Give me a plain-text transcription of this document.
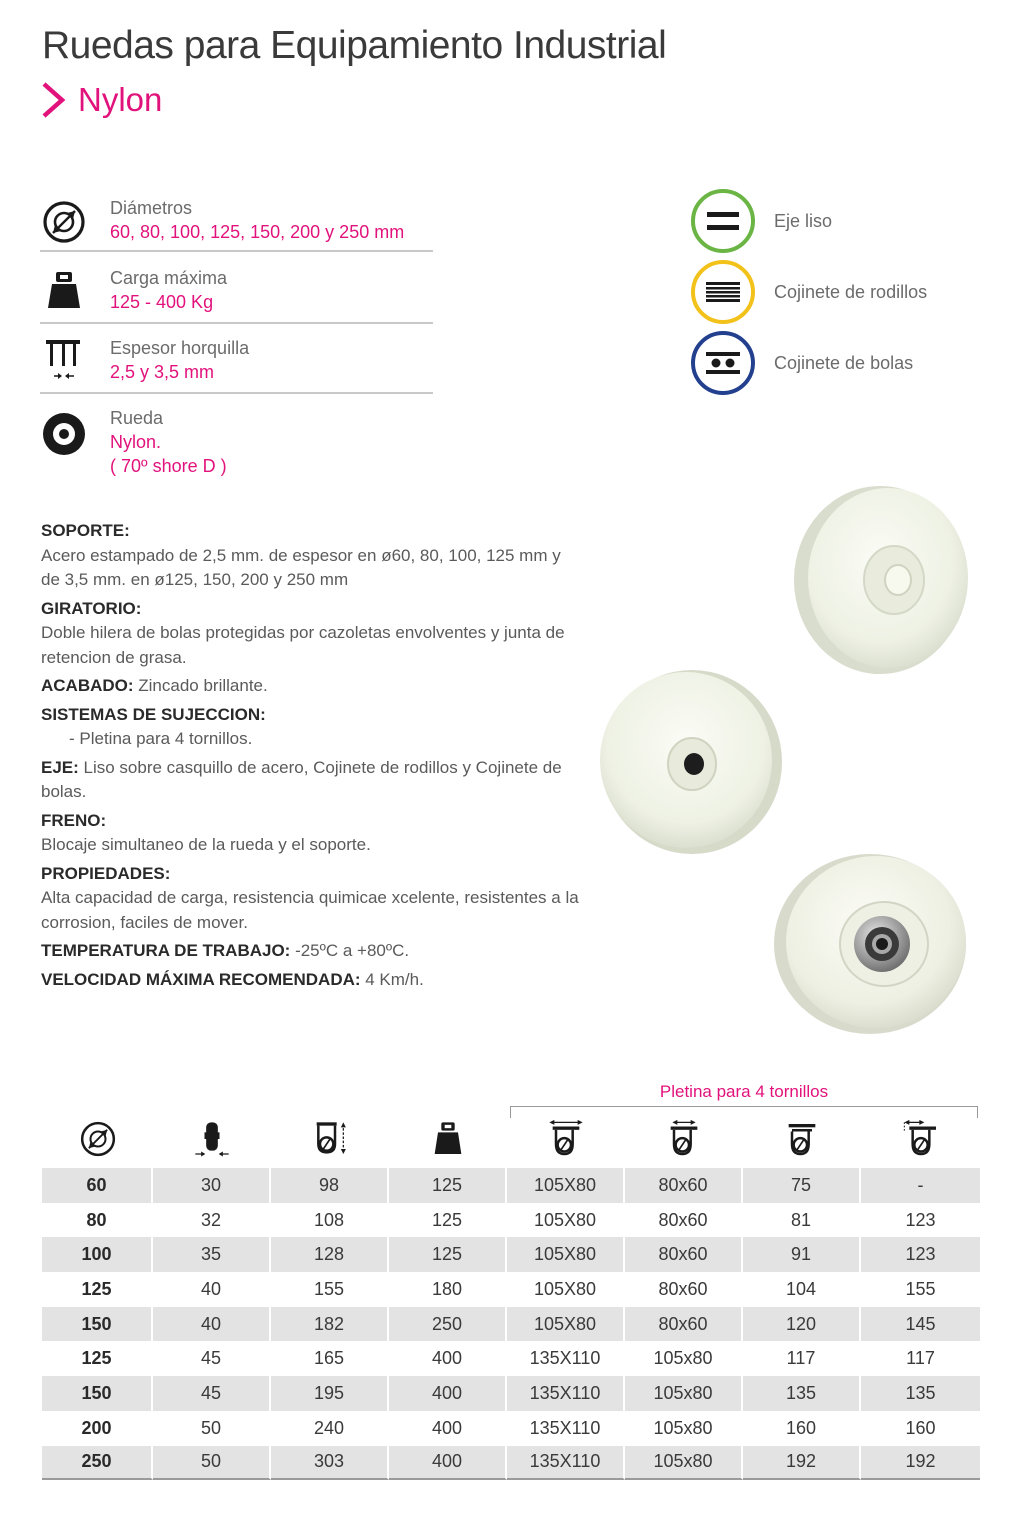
Ruedas para Equipamiento Industrial
Nylon
Diámetros
60, 80, 100, 125, 150, 200 y 250 mm
Carga máxima
125 - 400 Kg
Espesor horquilla
2,5 y 3,5 mm
Rueda
Nylon.
( 70º shore D )
Eje liso
Cojinete de rodillos
Cojinete de bolas

SOPORTE:
Acero estampado de 2,5 mm. de espesor en ø60, 80, 100, 125 mm y de 3,5 mm. en ø125, 150, 200 y 250 mm

GIRATORIO:
Doble hilera de bolas protegidas por cazoletas envolventes y junta de retencion de grasa.

ACABADO: Zincado brillante.

SISTEMAS DE SUJECCION:
- Pletina para 4 tornillos.

EJE: Liso sobre casquillo de acero, Cojinete de rodillos y Cojinete de bolas.

FRENO:
Blocaje simultaneo de la rueda y el soporte.

PROPIEDADES:
Alta capacidad de carga, resistencia quimicae xcelente, resistentes a la corrosion, faciles de mover.

TEMPERATURA DE TRABAJO: -25ºC a +80ºC.

VELOCIDAD MÁXIMA RECOMENDADA: 4 Km/h.

Pletina para 4 tornillos
60	30	98	125	105X80	80x60	75	-
80	32	108	125	105X80	80x60	81	123
100	35	128	125	105X80	80x60	91	123
125	40	155	180	105X80	80x60	104	155
150	40	182	250	105X80	80x60	120	145
125	45	165	400	135X110	105x80	117	117
150	45	195	400	135X110	105x80	135	135
200	50	240	400	135X110	105x80	160	160
250	50	303	400	135X110	105x80	192	192
